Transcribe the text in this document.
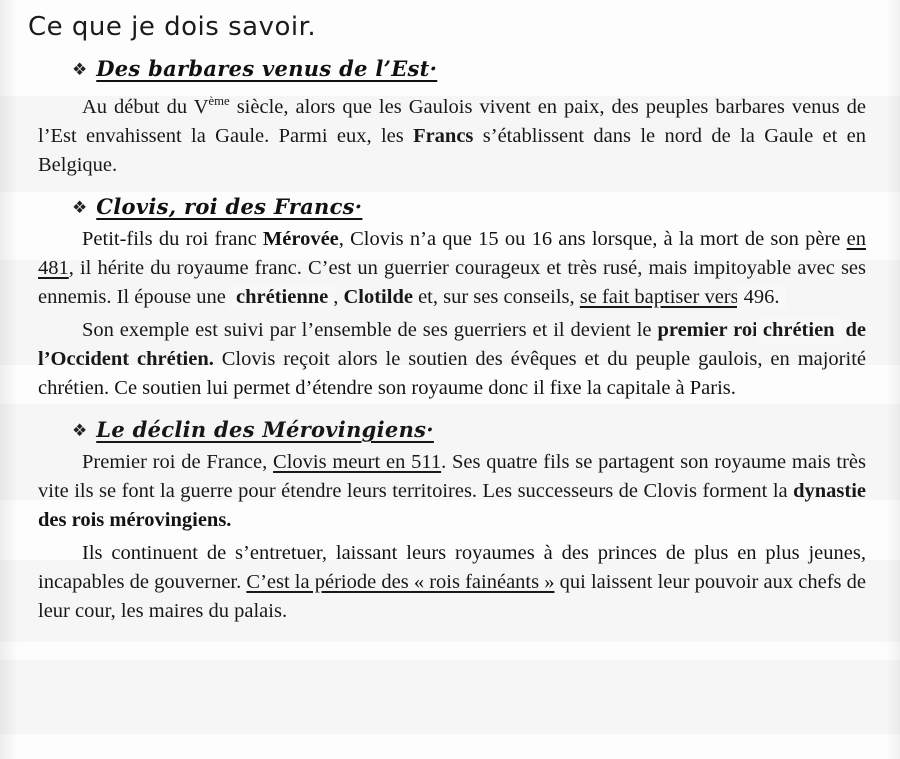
Ce que je dois savoir.
❖ Des barbares venus de l’Est·

Au début du Vème siècle, alors que les Gaulois vivent en paix, des peuples barbares venus de l’Est envahissent la Gaule. Parmi eux, les Francs s’établissent dans le nord de la Gaule et en Belgique.

❖ Clovis, roi des Francs·

Petit-fils du roi franc Mérovée, Clovis n’a que 15 ou 16 ans lorsque, à la mort de son père en 481, il hérite du royaume franc. C’est un guerrier courageux et très rusé, mais impitoyable avec ses ennemis. Il épouse une chrétienne , Clotilde et, sur ses conseils, se fait baptiser vers 496.

Son exemple est suivi par l’ensemble de ses guerriers et il devient le premier roi chrétien de l’Occident chrétien. Clovis reçoit alors le soutien des évêques et du peuple gaulois, en majorité chrétien. Ce soutien lui permet d’étendre son royaume donc il fixe la capitale à Paris.

❖ Le déclin des Mérovingiens·

Premier roi de France, Clovis meurt en 511. Ses quatre fils se partagent son royaume mais très vite ils se font la guerre pour étendre leurs territoires. Les successeurs de Clovis forment la dynastie des rois mérovingiens.

Ils continuent de s’entretuer, laissant leurs royaumes à des princes de plus en plus jeunes, incapables de gouverner. C’est la période des « rois fainéants » qui laissent leur pouvoir aux chefs de leur cour, les maires du palais.
